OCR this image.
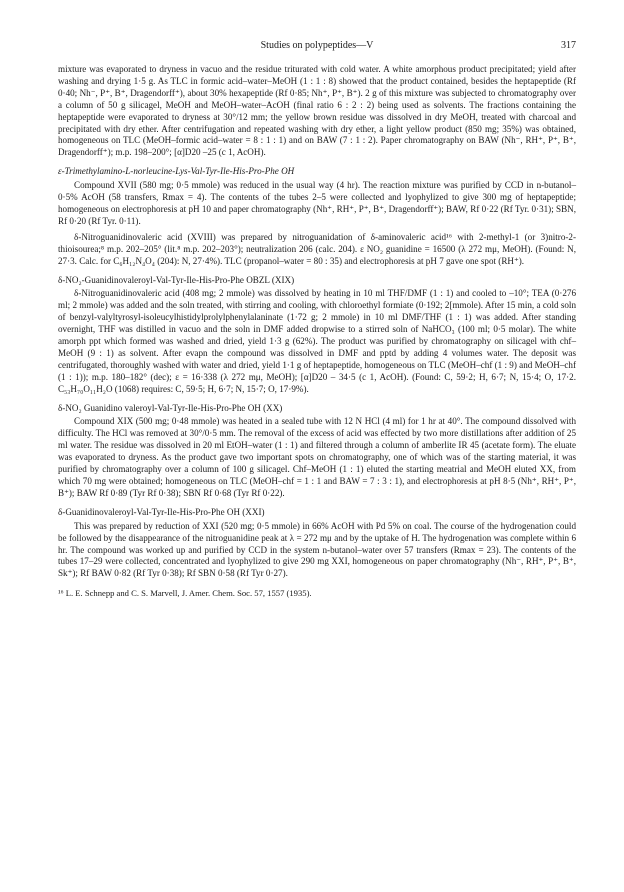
Studies on polypeptides—V	317

mixture was evaporated to dryness in vacuo and the residue triturated with cold water. A white amorphous product precipitated; yield after washing and drying 1·5 g. As TLC in formic acid–water–MeOH (1 : 1 : 8) showed that the product contained, besides the heptapeptide (Rf 0·40; Nh⁻, P⁺, B⁺, Dragendorff⁺), about 30% hexapeptide (Rf 0·85; Nh⁺, P⁺, B⁺). 2 g of this mixture was subjected to chromatography over a column of 50 g silicagel, MeOH and MeOH–water–AcOH (final ratio 6 : 2 : 2) being used as solvents. The fractions containing the heptapeptide were evaporated to dryness at 30°/12 mm; the yellow brown residue was dissolved in dry MeOH, treated with charcoal and precipitated with dry ether. After centrifugation and repeated washing with dry ether, a light yellow product (850 mg; 35%) was obtained, homogeneous on TLC (MeOH–formic acid–water = 8 : 1 : 1) and on BAW (7 : 1 : 2). Paper chromatography on BAW (Nh⁻, RH⁺, P⁺, B⁺, Dragendorff⁺); m.p. 198–200°; [α]D20 –25 (c 1, AcOH).

ε-Trimethylamino-L-norleucine-Lys-Val-Tyr-Ile-His-Pro-Phe OH

Compound XVII (580 mg; 0·5 mmole) was reduced in the usual way (4 hr). The reaction mixture was purified by CCD in n-butanol–0·5% AcOH (58 transfers, Rmax = 4). The contents of the tubes 2–5 were collected and lyophylized to give 300 mg of heptapeptide; homogeneous on electrophoresis at pH 10 and paper chromatography (Nh⁺, RH⁺, P⁺, B⁺, Dragendorff⁺); BAW, Rf 0·22 (Rf Tyr. 0·31); SBN, Rf 0·20 (Rf Tyr. 0·11).

δ-Nitroguanidinovaleric acid (XVIII) was prepared by nitroguanidation of δ-aminovaleric acid¹⁶ with 2-methyl-1 (or 3)nitro-2-thioisourea;⁸ m.p. 202–205° (lit.⁸ m.p. 202–203°); neutralization 206 (calc. 204). ε NO₂ guanidine = 16500 (λ 272 mμ, MeOH). (Found: N, 27·3. Calc. for C₆H₁₂N₄O₄ (204): N, 27·4%). TLC (propanol–water = 80 : 35) and electrophoresis at pH 7 gave one spot (RH⁺).

δ-NO₂-Guanidinovaleroyl-Val-Tyr-Ile-His-Pro-Phe OBZL (XIX)

δ-Nitroguanidinovaleric acid (408 mg; 2 mmole) was dissolved by heating in 10 ml THF/DMF (1 : 1) and cooled to –10°; TEA (0·276 ml; 2 mmole) was added and the soln treated, with stirring and cooling, with chloroethyl formiate (0·192; 2[mmole). After 15 min, a cold soln of benzyl-valyltyrosyl-isoleucylhistidylprolylphenylalaninate (1·72 g; 2 mmole) in 10 ml DMF/THF (1 : 1) was added. After standing overnight, THF was distilled in vacuo and the soln in DMF added dropwise to a stirred soln of NaHCO₃ (100 ml; 0·5 molar). The white amorph ppt which formed was washed and dried, yield 1·3 g (62%). The product was purified by chromatography on silicagel with chf–MeOH (9 : 1) as solvent. After evapn the compound was dissolved in DMF and pptd by adding 4 volumes water. The deposit was centrifugated, thoroughly washed with water and dried, yield 1·1 g of heptapeptide, homogeneous on TLC (MeOH–chf (1 : 9) and MeOH–chf (1 : 1)); m.p. 180–182° (dec); ε = 16·338 (λ 272 mμ, MeOH); [α]D20 – 34·5 (c 1, AcOH). (Found: C, 59·2; H, 6·7; N, 15·4; O, 17·2. C₅₃H₇₀O₁₁H₂O (1068) requires: C, 59·5; H, 6·7; N, 15·7; O, 17·9%).

δ-NO₂ Guanidino valeroyl-Val-Tyr-Ile-His-Pro-Phe OH (XX)

Compound XIX (500 mg; 0·48 mmole) was heated in a sealed tube with 12 N HCl (4 ml) for 1 hr at 40°. The compound dissolved with difficulty. The HCl was removed at 30°/0·5 mm. The removal of the excess of acid was effected by two more distillations after addition of 25 ml water. The residue was dissolved in 20 ml EtOH–water (1 : 1) and filtered through a column of amberlite IR 45 (acetate form). The eluate was evaporated to dryness. As the product gave two important spots on chromatography, one of which was of the starting material, it was purified by chromatography over a column of 100 g silicagel. Chf–MeOH (1 : 1) eluted the starting meatrial and MeOH eluted XX, from which 70 mg were obtained; homogeneous on TLC (MeOH–chf = 1 : 1 and BAW = 7 : 3 : 1), and electrophoresis at pH 8·5 (Nh⁺, RH⁺, P⁺, B⁺); BAW Rf 0·89 (Tyr Rf 0·38); SBN Rf 0·68 (Tyr Rf 0·22).

δ-Guanidinovaleroyl-Val-Tyr-Ile-His-Pro-Phe OH (XXI)

This was prepared by reduction of XXI (520 mg; 0·5 mmole) in 66% AcOH with Pd 5% on coal. The course of the hydrogenation could be followed by the disappearance of the nitroguanidine peak at λ = 272 mμ and by the uptake of H. The hydrogenation was complete within 6 hr. The compound was worked up and purified by CCD in the system n-butanol–water over 57 transfers (Rmax = 23). The contents of the tubes 17–29 were collected, concentrated and lyophylized to give 290 mg XXI, homogeneous on paper chromatography (Nh⁻, RH⁺, P⁺, B⁺, Sk⁺); Rf BAW 0·82 (Rf Tyr 0·38); Rf SBN 0·58 (Rf Tyr 0·27).

¹⁶ L. E. Schnepp and C. S. Marvell, J. Amer. Chem. Soc. 57, 1557 (1935).
